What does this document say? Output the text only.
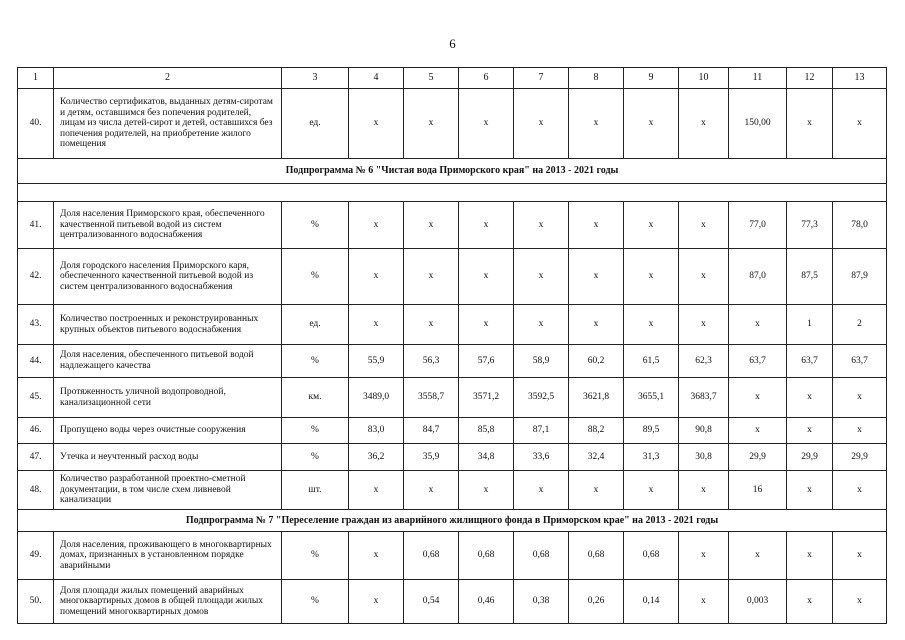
6
1	2	3	4	5	6	7	8	9	10	11	12	13
40.	Количество сертификатов, выданных детям-сиротам и детям, оставшимся без попечения родителей, лицам из числа детей-сирот и детей, оставшихся без попечения родителей, на приобретение жилого помещения	ед.	x	x	x	x	x	x	x	150,00	x	x
Подпрограмма № 6 "Чистая вода Приморского края" на 2013 - 2021 годы												

41.	Доля населения Приморского края, обеспеченного качественной питьевой водой из систем централизованного водоснабжения	%	x	x	x	x	x	x	x	77,0	77,3	78,0
42.	Доля городского населения Приморского каря, обеспеченного качественной питьевой водой из систем централизованного водоснабжения	%	x	x	x	x	x	x	x	87,0	87,5	87,9
43.	Количество построенных и реконструированных крупных объектов питьевого водоснабжения	ед.	x	x	x	x	x	x	x	x	1	2
44.	Доля населения, обеспеченного питьевой водой надлежащего качества	%	55,9	56,3	57,6	58,9	60,2	61,5	62,3	63,7	63,7	63,7
45.	Протяженность уличной водопроводной, канализационной сети	км.	3489,0	3558,7	3571,2	3592,5	3621,8	3655,1	3683,7	x	x	x
46.	Пропущено воды через очистные сооружения	%	83,0	84,7	85,8	87,1	88,2	89,5	90,8	x	x	x
47.	Утечка и неучтенный расход воды	%	36,2	35,9	34,8	33,6	32,4	31,3	30,8	29,9	29,9	29,9
48.	Количество разработанной проектно-сметной документации, в том числе схем ливневой канализации	шт.	x	x	x	x	x	x	x	16	x	x
Подпрограмма № 7 "Переселение граждан из аварийного жилищного фонда в Приморском крае" на 2013 - 2021 годы												
49.	Доля населения, проживающего в многоквартирных домах, признанных в установленном порядке аварийными	%	x	0,68	0,68	0,68	0,68	0,68	x	x	x	x
50.	Доля площади жилых помещений аварийных многоквартирных домов в общей площади жилых помещений многоквартирных домов	%	x	0,54	0,46	0,38	0,26	0,14	x	0,003	x	x
